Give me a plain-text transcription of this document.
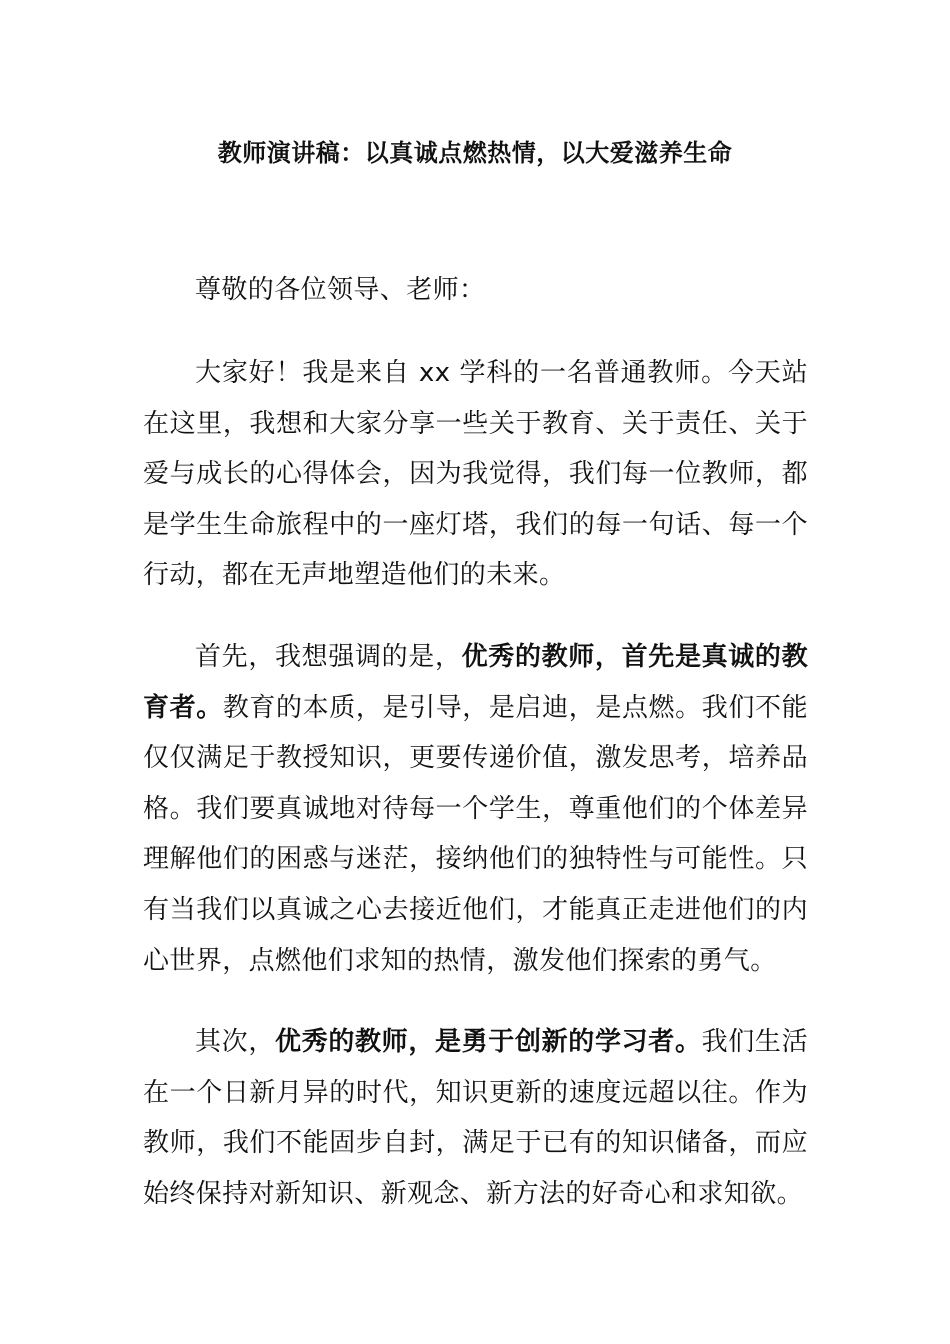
教师演讲稿：以真诚点燃热情，以大爱滋养生命

尊敬的各位领导、老师：

大家好！我是来自 xx 学科的一名普通教师。今天站在这里，我想和大家分享一些关于教育、关于责任、关于爱与成长的心得体会，因为我觉得，我们每一位教师，都是学生生命旅程中的一座灯塔，我们的每一句话、每一个行动，都在无声地塑造他们的未来。

首先，我想强调的是，优秀的教师，首先是真诚的教育者。教育的本质，是引导，是启迪，是点燃。我们不能仅仅满足于教授知识，更要传递价值，激发思考，培养品格。我们要真诚地对待每一个学生，尊重他们的个体差异理解他们的困惑与迷茫，接纳他们的独特性与可能性。只有当我们以真诚之心去接近他们，才能真正走进他们的内心世界，点燃他们求知的热情，激发他们探索的勇气。

其次，优秀的教师，是勇于创新的学习者。我们生活在一个日新月异的时代，知识更新的速度远超以往。作为教师，我们不能固步自封，满足于已有的知识储备，而应始终保持对新知识、新观念、新方法的好奇心和求知欲。
